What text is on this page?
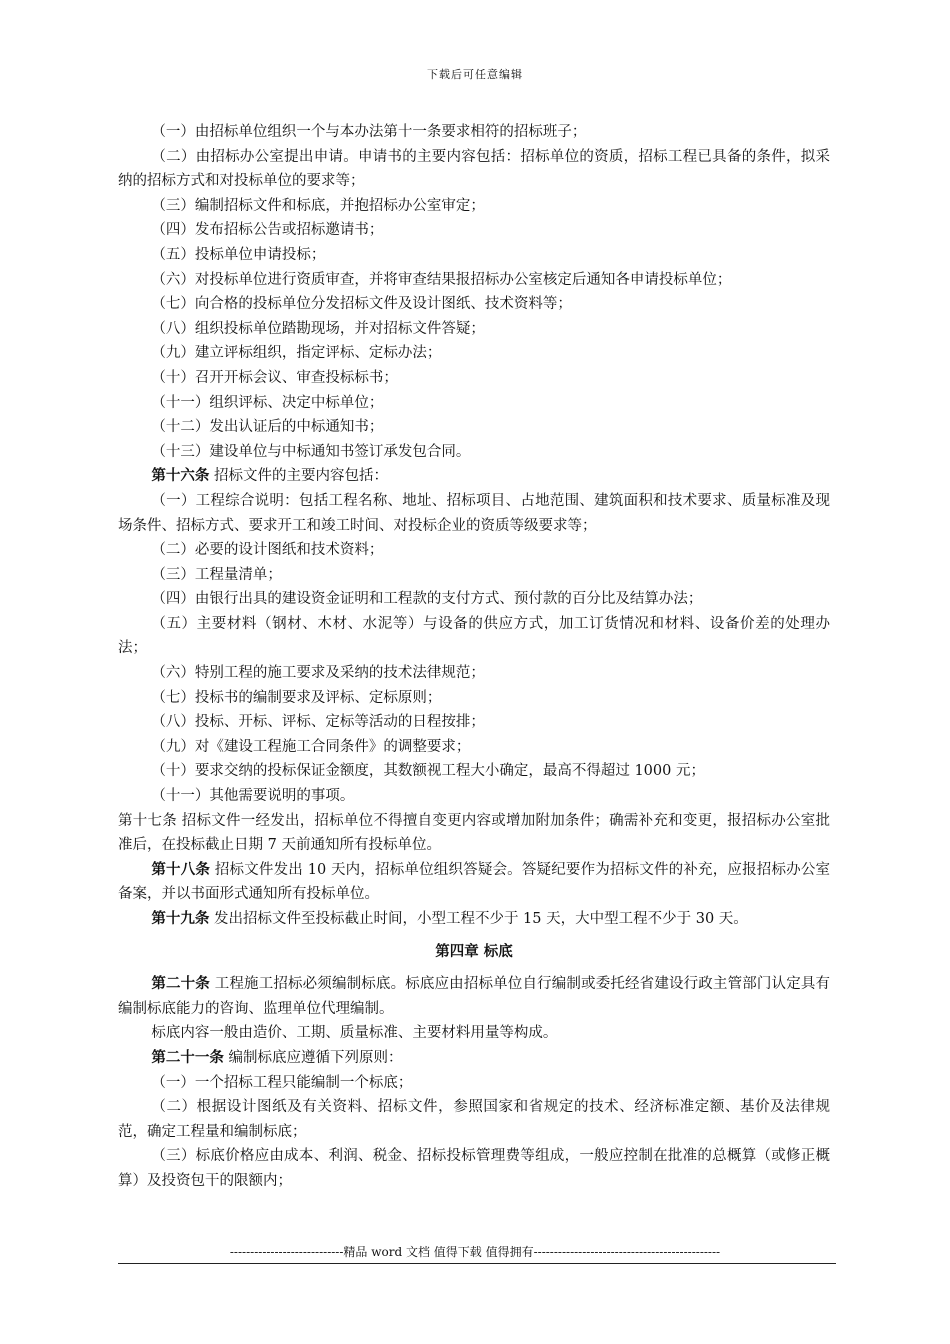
下载后可任意编辑

（一）由招标单位组织一个与本办法第十一条要求相符的招标班子；

（二）由招标办公室提出申请。申请书的主要内容包括：招标单位的资质，招标工程已具备的条件，拟采纳的招标方式和对投标单位的要求等；

（三）编制招标文件和标底，并抱招标办公室审定；

（四）发布招标公告或招标邀请书；

（五）投标单位申请投标；

（六）对投标单位进行资质审查，并将审查结果报招标办公室核定后通知各申请投标单位；

（七）向合格的投标单位分发招标文件及设计图纸、技术资料等；

（八）组织投标单位踏勘现场，并对招标文件答疑；

（九）建立评标组织，指定评标、定标办法；

（十）召开开标会议、审查投标标书；

（十一）组织评标、决定中标单位；

（十二）发出认证后的中标通知书；

（十三）建设单位与中标通知书签订承发包合同。

第十六条 招标文件的主要内容包括：

（一）工程综合说明：包括工程名称、地址、招标项目、占地范围、建筑面积和技术要求、质量标准及现场条件、招标方式、要求开工和竣工时间、对投标企业的资质等级要求等；

（二）必要的设计图纸和技术资料；

（三）工程量清单；

（四）由银行出具的建设资金证明和工程款的支付方式、预付款的百分比及结算办法；

（五）主要材料（钢材、木材、水泥等）与设备的供应方式，加工订货情况和材料、设备价差的处理办法；

（六）特别工程的施工要求及采纳的技术法律规范；

（七）投标书的编制要求及评标、定标原则；

（八）投标、开标、评标、定标等活动的日程按排；

（九）对《建设工程施工合同条件》的调整要求；

（十）要求交纳的投标保证金额度，其数额视工程大小确定，最高不得超过 1000 元；

（十一）其他需要说明的事项。

第十七条 招标文件一经发出，招标单位不得擅自变更内容或增加附加条件；确需补充和变更，报招标办公室批准后，在投标截止日期 7 天前通知所有投标单位。

第十八条 招标文件发出 10 天内，招标单位组织答疑会。答疑纪要作为招标文件的补充，应报招标办公室备案，并以书面形式通知所有投标单位。

第十九条 发出招标文件至投标截止时间，小型工程不少于 15 天，大中型工程不少于 30 天。

第四章 标底

第二十条 工程施工招标必须编制标底。标底应由招标单位自行编制或委托经省建设行政主管部门认定具有编制标底能力的咨询、监理单位代理编制。

标底内容一般由造价、工期、质量标准、主要材料用量等构成。

第二十一条 编制标底应遵循下列原则：

（一）一个招标工程只能编制一个标底；

（二）根据设计图纸及有关资料、招标文件，参照国家和省规定的技术、经济标准定额、基价及法律规范，确定工程量和编制标底；

（三）标底价格应由成本、利润、税金、招标投标管理费等组成，一般应控制在批准的总概算（或修正概算）及投资包干的限额内；

----------------------------精品 word 文档 值得下载 值得拥有----------------------------------------------
